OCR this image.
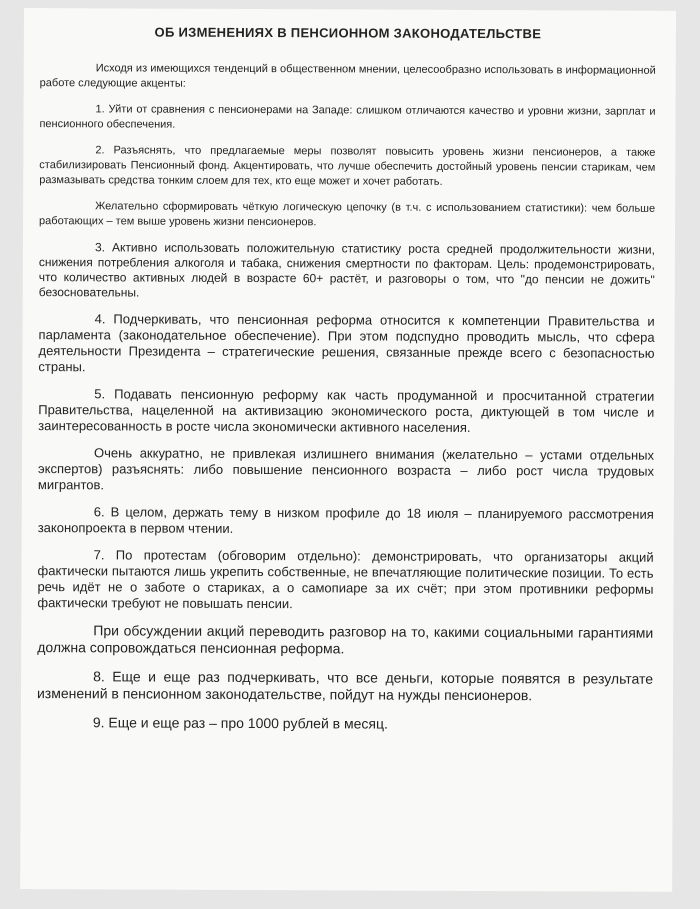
ОБ ИЗМЕНЕНИЯХ В ПЕНСИОННОМ ЗАКОНОДАТЕЛЬСТВЕ

Исходя из имеющихся тенденций в общественном мнении, целесообразно использовать в информационной работе следующие акценты:

1. Уйти от сравнения с пенсионерами на Западе: слишком отличаются качество и уровни жизни, зарплат и пенсионного обеспечения.

2. Разъяснять, что предлагаемые меры позволят повысить уровень жизни пенсионеров, а также стабилизировать Пенсионный фонд. Акцентировать, что лучше обеспечить достойный уровень пенсии старикам, чем размазывать средства тонким слоем для тех, кто еще может и хочет работать.

Желательно сформировать чёткую логическую цепочку (в т.ч. с использованием статистики): чем больше работающих – тем выше уровень жизни пенсионеров.

3. Активно использовать положительную статистику роста средней продолжительности жизни, снижения потребления алкоголя и табака, снижения смертности по факторам. Цель: продемонстрировать, что количество активных людей в возрасте 60+ растёт, и разговоры о том, что "до пенсии не дожить" безосновательны.

4. Подчеркивать, что пенсионная реформа относится к компетенции Правительства и парламента (законодательное обеспечение). При этом подспудно проводить мысль, что сфера деятельности Президента – стратегические решения, связанные прежде всего с безопасностью страны.

5. Подавать пенсионную реформу как часть продуманной и просчитанной стратегии Правительства, нацеленной на активизацию экономического роста, диктующей в том числе и заинтересованность в росте числа экономически активного населения.

Очень аккуратно, не привлекая излишнего внимания (желательно – устами отдельных экспертов) разъяснять: либо повышение пенсионного возраста – либо рост числа трудовых мигрантов.

6. В целом, держать тему в низком профиле до 18 июля – планируемого рассмотрения законопроекта в первом чтении.

7. По протестам (обговорим отдельно): демонстрировать, что организаторы акций фактически пытаются лишь укрепить собственные, не впечатляющие политические позиции. То есть речь идёт не о заботе о стариках, а о самопиаре за их счёт; при этом противники реформы фактически требуют не повышать пенсии.

При обсуждении акций переводить разговор на то, какими социальными гарантиями должна сопровождаться пенсионная реформа.

8. Еще и еще раз подчеркивать, что все деньги, которые появятся в результате изменений в пенсионном законодательстве, пойдут на нужды пенсионеров.

9. Еще и еще раз – про 1000 рублей в месяц.
